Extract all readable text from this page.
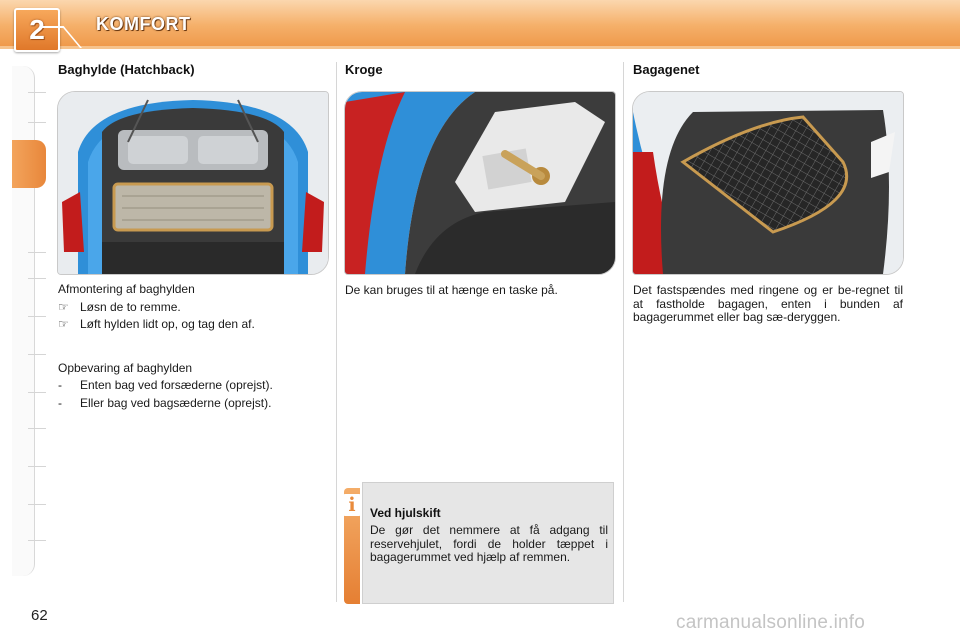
2	KOMFORT
Baghylde (Hatchback)
Afmontering af baghylden
☞ Løsn de to remme.
☞ Løft hylden lidt op, og tag den af.
Opbevaring af baghylden
-	Enten bag ved forsæderne (oprejst).
-	Eller bag ved bagsæderne (oprejst).
Kroge
De kan bruges til at hænge en taske på.
Bagagenet
Det fastspændes med ringene og er be-regnet til at fastholde bagagen, enten i bunden af bagagerummet eller bag sæ-deryggen.
i Ved hjulskift
De gør det nemmere at få adgang til reservehjulet, fordi de holder tæppet i bagagerummet ved hjælp af remmen.
62	carmanualsonline.info
